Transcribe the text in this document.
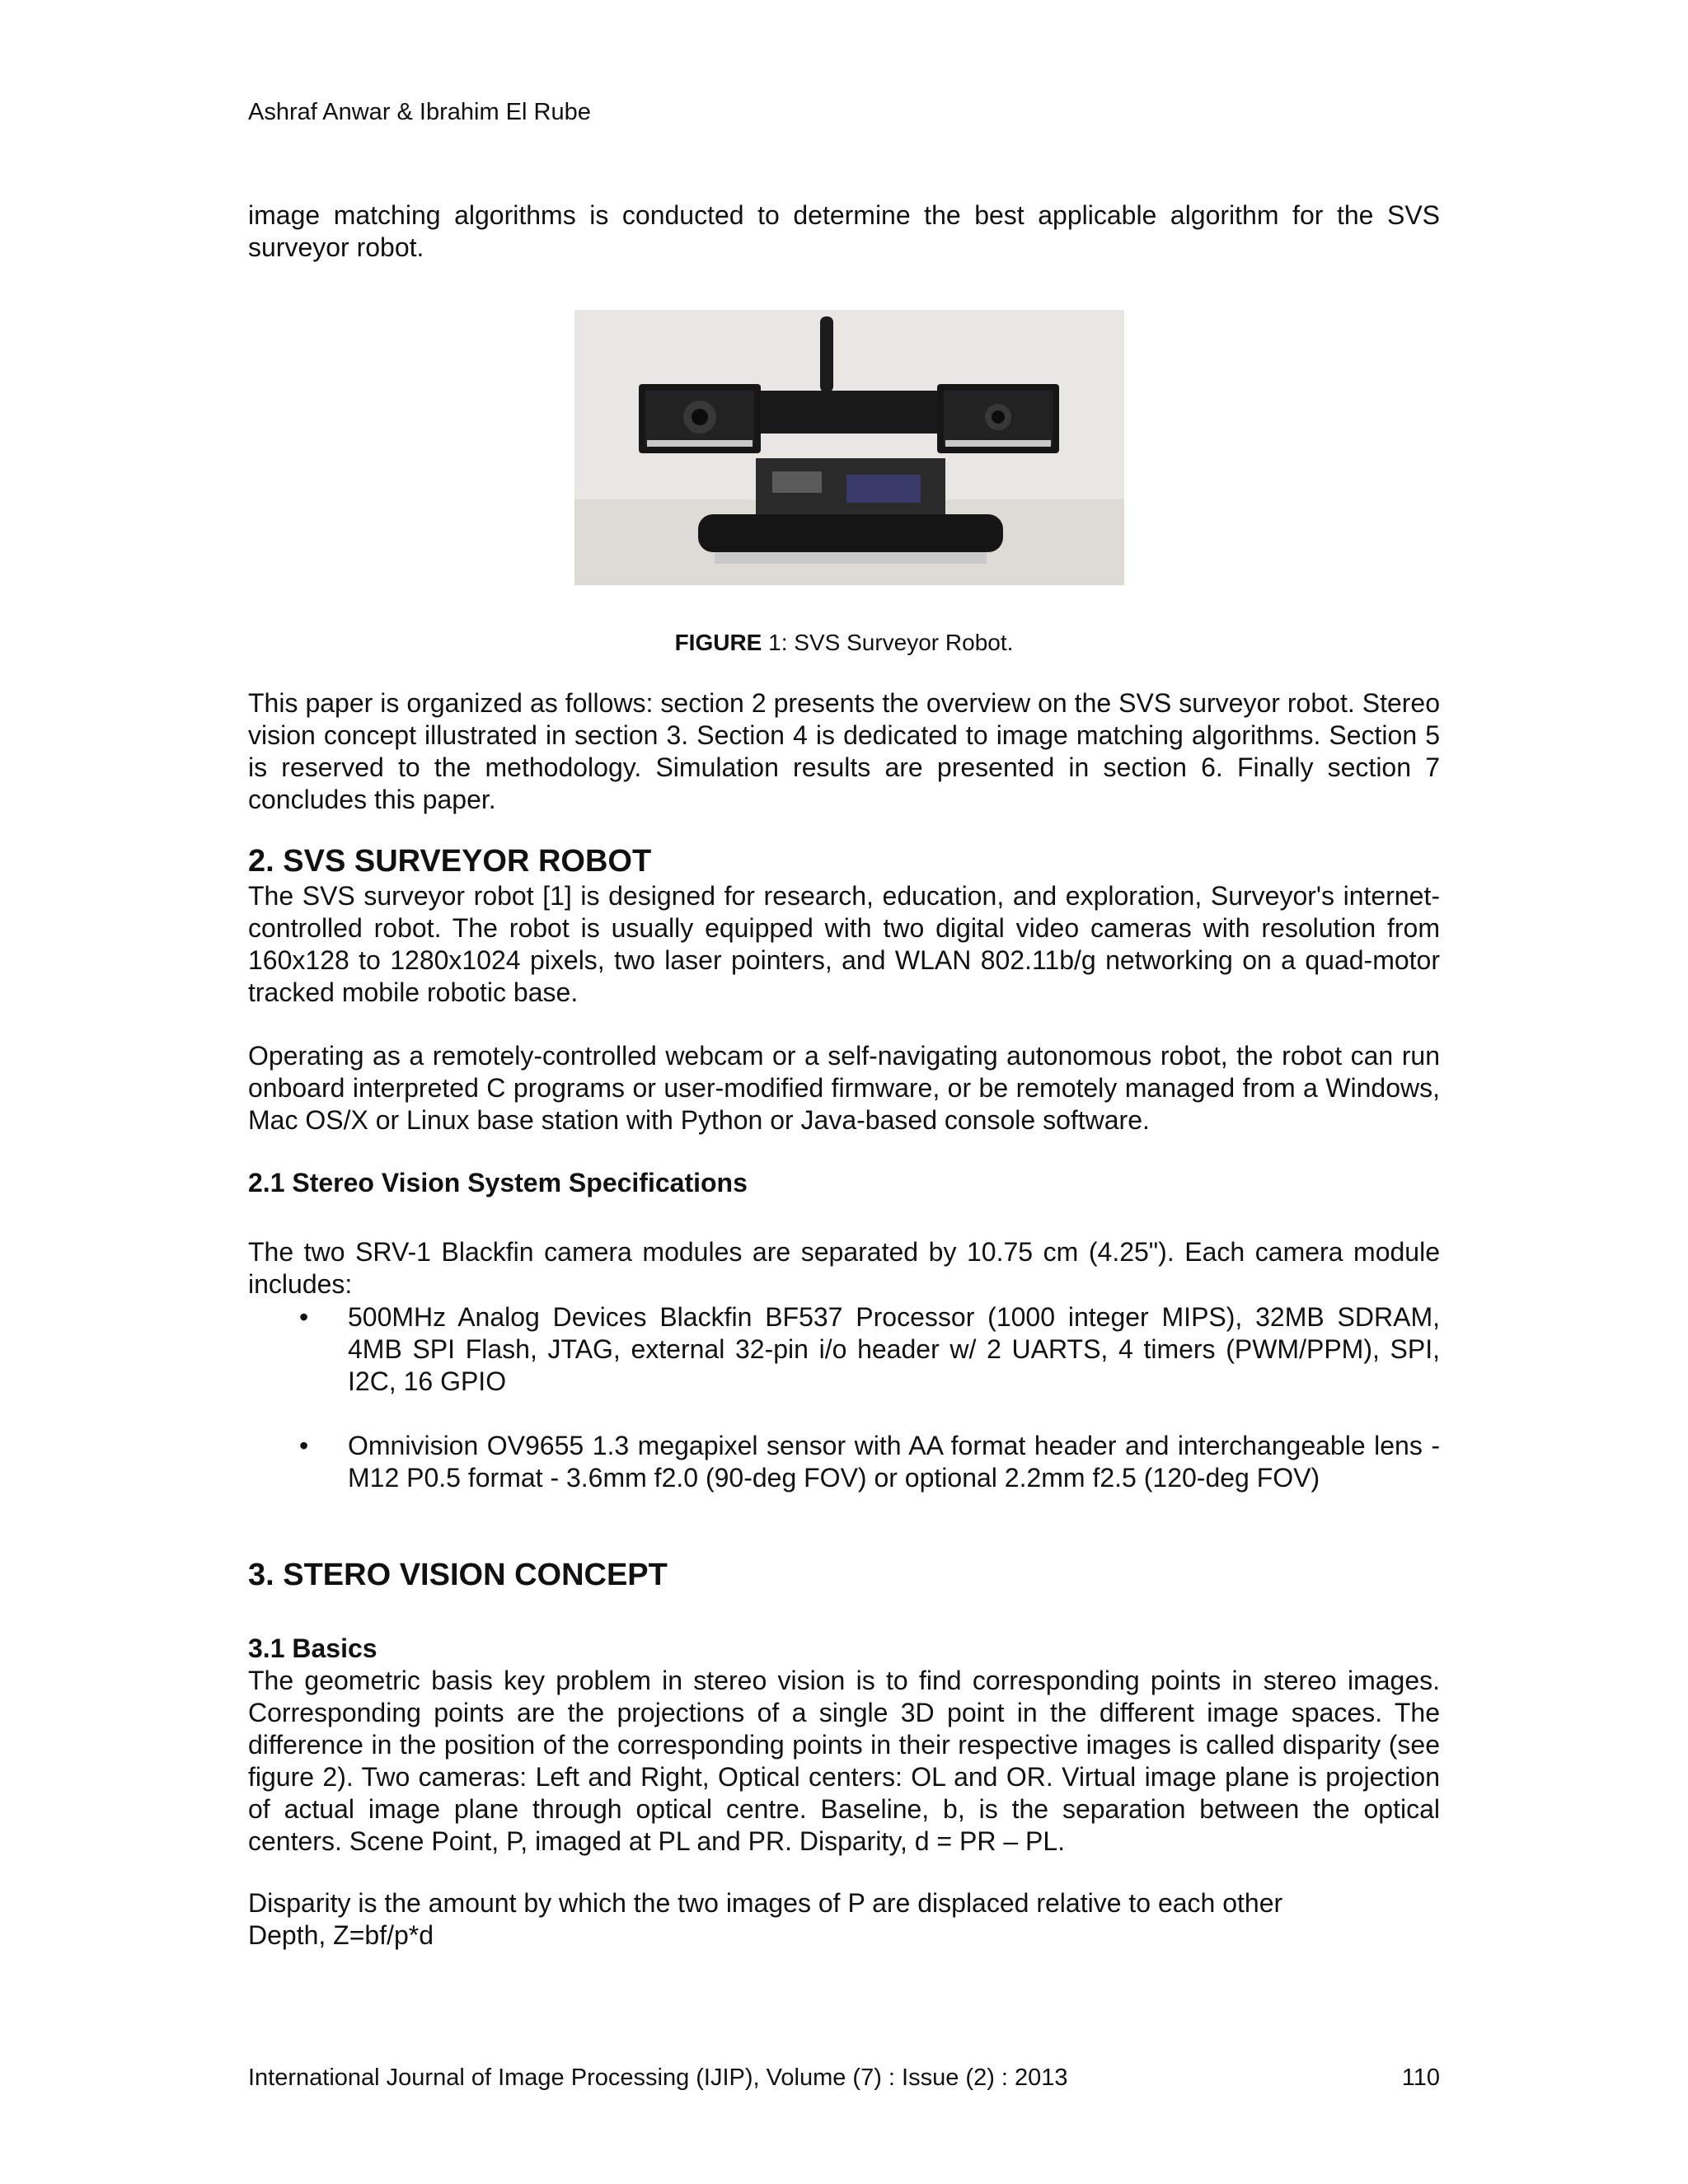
Ashraf Anwar & Ibrahim El Rube

image matching algorithms is conducted to determine the best applicable algorithm for the SVS surveyor robot.

FIGURE 1: SVS Surveyor Robot.

This paper is organized as follows: section 2 presents the overview on the SVS surveyor robot. Stereo vision concept illustrated in section 3. Section 4 is dedicated to image matching algorithms. Section 5 is reserved to the methodology. Simulation results are presented in section 6. Finally section 7 concludes this paper.

2. SVS SURVEYOR ROBOT

The SVS surveyor robot [1] is designed for research, education, and exploration, Surveyor's internet-controlled robot. The robot is usually equipped with two digital video cameras with resolution from 160x128 to 1280x1024 pixels, two laser pointers, and WLAN 802.11b/g networking on a quad-motor tracked mobile robotic base.

Operating as a remotely-controlled webcam or a self-navigating autonomous robot, the robot can run onboard interpreted C programs or user-modified firmware, or be remotely managed from a Windows, Mac OS/X or Linux base station with Python or Java-based console software.

2.1 Stereo Vision System Specifications

The two SRV-1 Blackfin camera modules are separated by 10.75 cm (4.25"). Each camera module includes:

• 500MHz Analog Devices Blackfin BF537 Processor (1000 integer MIPS), 32MB SDRAM, 4MB SPI Flash, JTAG, external 32-pin i/o header w/ 2 UARTS, 4 timers (PWM/PPM), SPI, I2C, 16 GPIO
• Omnivision OV9655 1.3 megapixel sensor with AA format header and interchangeable lens - M12 P0.5 format - 3.6mm f2.0 (90-deg FOV) or optional 2.2mm f2.5 (120-deg FOV)
3. STERO VISION CONCEPT
3.1 Basics

The geometric basis key problem in stereo vision is to find corresponding points in stereo images. Corresponding points are the projections of a single 3D point in the different image spaces. The difference in the position of the corresponding points in their respective images is called disparity (see figure 2). Two cameras: Left and Right, Optical centers: OL and OR. Virtual image plane is projection of actual image plane through optical centre. Baseline, b, is the separation between the optical centers. Scene Point, P, imaged at PL and PR. Disparity, d = PR – PL.

Disparity is the amount by which the two images of P are displaced relative to each other
Depth, Z=bf/p*d
International Journal of Image Processing (IJIP), Volume (7) : Issue (2) : 2013	110
